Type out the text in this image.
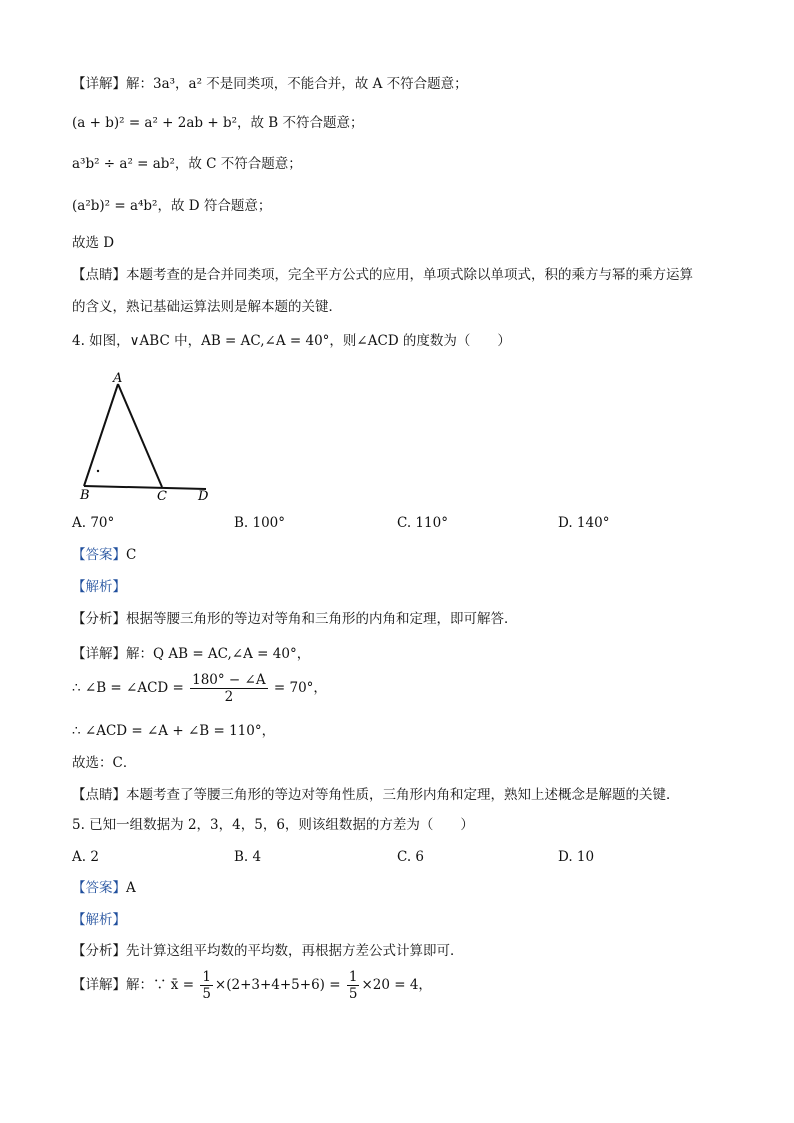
【详解】解：3a³，a² 不是同类项，不能合并，故 A 不符合题意；
(a + b)² = a² + 2ab + b²，故 B 不符合题意；
a³b² ÷ a² = ab²，故 C 不符合题意；
(a²b)² = a⁴b²，故 D 符合题意；
故选 D
【点睛】本题考查的是合并同类项，完全平方公式的应用，单项式除以单项式，积的乘方与幂的乘方运算
的含义，熟记基础运算法则是解本题的关键．
4. 如图，∨ABC 中，AB = AC,∠A = 40°，则∠ACD 的度数为（　　）
A
B	C D
A. 70°	B. 100°	C. 110°	D. 140°
【答案】C
【解析】
【分析】根据等腰三角形的等边对等角和三角形的内角和定理，即可解答．
【详解】解：Q AB = AC,∠A = 40°，
∴ ∠B = ∠ACD = $\frac{180^\circ - \angle A}{2} = 70^\circ$，
∴ ∠ACD = ∠A + ∠B = 110°，
故选：C．
【点睛】本题考查了等腰三角形的等边对等角性质，三角形内角和定理，熟知上述概念是解题的关键．
5. 已知一组数据为 2，3，4，5，6，则该组数据的方差为（　　）
A. 2	B. 4	C. 6	D. 10
【答案】A
【解析】
【分析】先计算这组平均数的平均数，再根据方差公式计算即可．
【详解】解：∵ x̄ = $\frac{1}{5} \times(2+3+4+5+6) = \frac{1}{5} \times 20 = 4$，
